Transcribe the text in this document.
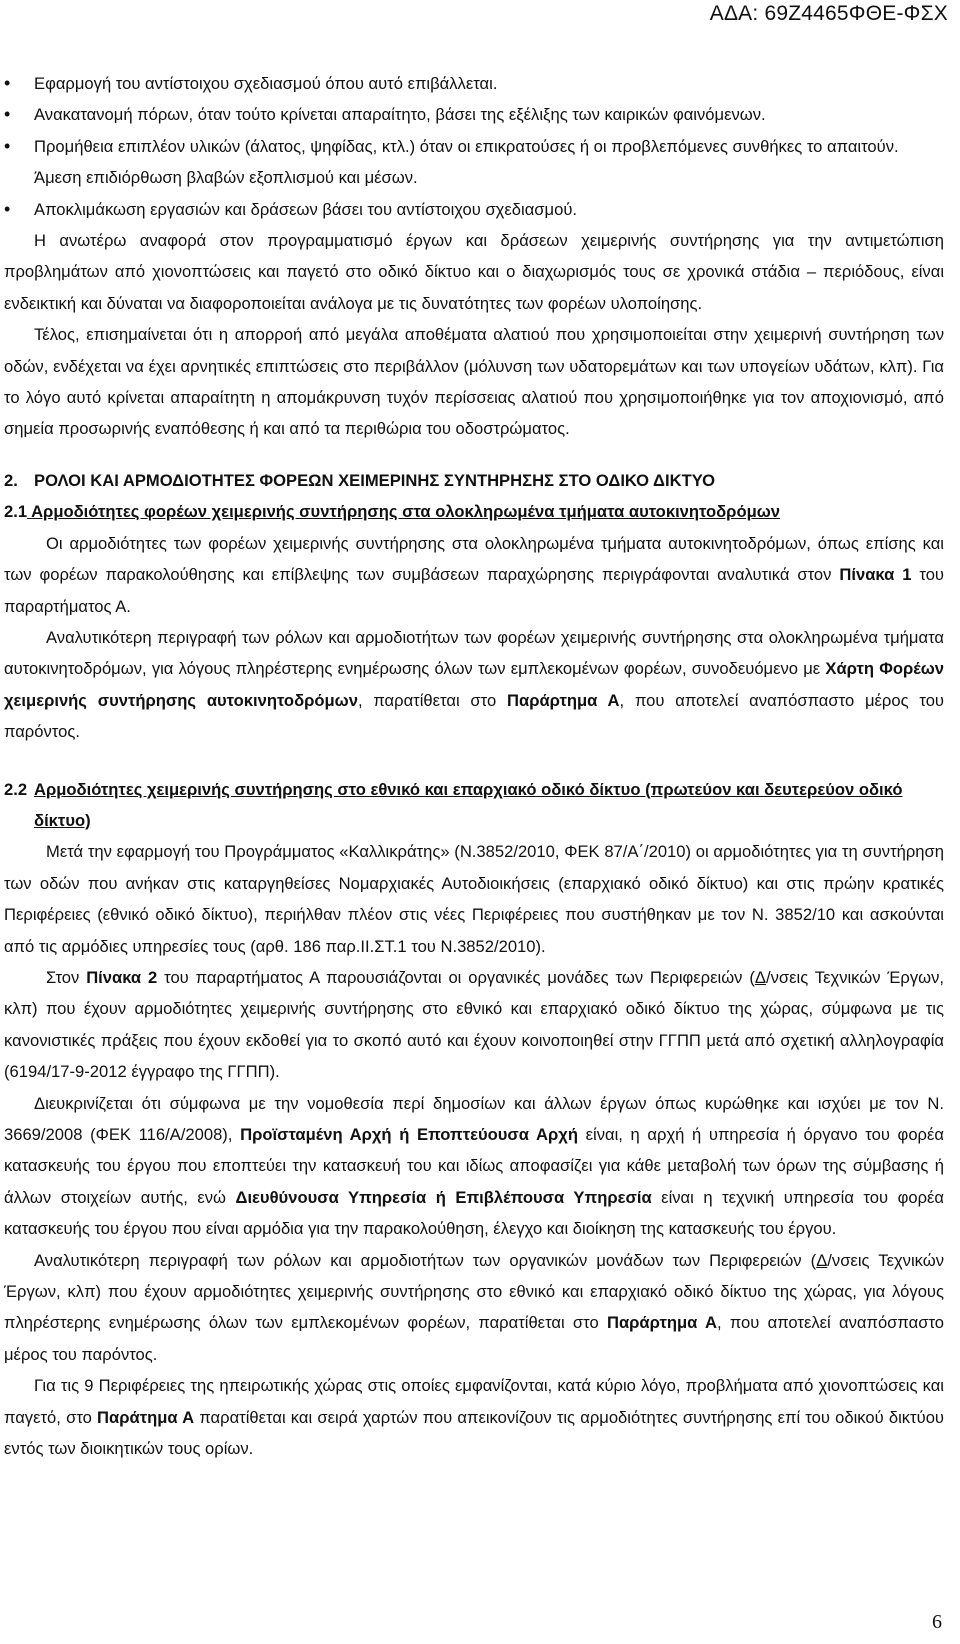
ΑΔΑ: 69Ζ4465ΦΘΕ-ΦΣΧ
• Εφαρμογή του αντίστοιχου σχεδιασμού όπου αυτό επιβάλλεται.
• Ανακατανομή πόρων, όταν τούτο κρίνεται απαραίτητο, βάσει της εξέλιξης των καιρικών φαινόμενων.
• Προμήθεια επιπλέον υλικών (άλατος, ψηφίδας, κτλ.) όταν οι επικρατούσες ή οι προβλεπόμενες συνθήκες το απαιτούν. Άμεση επιδιόρθωση βλαβών εξοπλισμού και μέσων.
• Αποκλιμάκωση εργασιών και δράσεων βάσει του αντίστοιχου σχεδιασμού.

Η ανωτέρω αναφορά στον προγραμματισμό έργων και δράσεων χειμερινής συντήρησης για την αντιμετώπιση προβλημάτων από χιονοπτώσεις και παγετό στο οδικό δίκτυο και ο διαχωρισμός τους σε χρονικά στάδια – περιόδους, είναι ενδεικτική και δύναται να διαφοροποιείται ανάλογα με τις δυνατότητες των φορέων υλοποίησης.

Τέλος, επισημαίνεται ότι η απορροή από μεγάλα αποθέματα αλατιού που χρησιμοποιείται στην χειμερινή συντήρηση των οδών, ενδέχεται να έχει αρνητικές επιπτώσεις στο περιβάλλον (μόλυνση των υδατορεμάτων και των υπογείων υδάτων, κλπ). Για το λόγο αυτό κρίνεται απαραίτητη η απομάκρυνση τυχόν περίσσειας αλατιού που χρησιμοποιήθηκε για τον αποχιονισμό, από σημεία προσωρινής εναπόθεσης ή και από τα περιθώρια του οδοστρώματος.

2. ΡΟΛΟΙ ΚΑΙ ΑΡΜΟΔΙΟΤΗΤΕΣ ΦΟΡΕΩΝ ΧΕΙΜΕΡΙΝΗΣ ΣΥΝΤΗΡΗΣΗΣ ΣΤΟ ΟΔΙΚΟ ΔΙΚΤΥΟ
2.1 Αρμοδιότητες φορέων χειμερινής συντήρησης στα ολοκληρωμένα τμήματα αυτοκινητοδρόμων

Οι αρμοδιότητες των φορέων χειμερινής συντήρησης στα ολοκληρωμένα τμήματα αυτοκινητοδρόμων, όπως επίσης και των φορέων παρακολούθησης και επίβλεψης των συμβάσεων παραχώρησης περιγράφονται αναλυτικά στον Πίνακα 1 του παραρτήματος Α.

Αναλυτικότερη περιγραφή των ρόλων και αρμοδιοτήτων των φορέων χειμερινής συντήρησης στα ολοκληρωμένα τμήματα αυτοκινητοδρόμων, για λόγους πληρέστερης ενημέρωσης όλων των εμπλεκομένων φορέων, συνοδευόμενο με Χάρτη Φορέων χειμερινής συντήρησης αυτοκινητοδρόμων, παρατίθεται στο Παράρτημα Α, που αποτελεί αναπόσπαστο μέρος του παρόντος.

2.2 Αρμοδιότητες χειμερινής συντήρησης στο εθνικό και επαρχιακό οδικό δίκτυο (πρωτεύον και δευτερεύον οδικό δίκτυο)

Μετά την εφαρμογή του Προγράμματος «Καλλικράτης» (Ν.3852/2010, ΦΕΚ 87/Α΄/2010) οι αρμοδιότητες για τη συντήρηση των οδών που ανήκαν στις καταργηθείσες Νομαρχιακές Αυτοδιοικήσεις (επαρχιακό οδικό δίκτυο) και στις πρώην κρατικές Περιφέρειες (εθνικό οδικό δίκτυο), περιήλθαν πλέον στις νέες Περιφέρειες που συστήθηκαν με τον Ν. 3852/10 και ασκούνται από τις αρμόδιες υπηρεσίες τους (αρθ. 186 παρ.ΙΙ.ΣΤ.1 του Ν.3852/2010).

Στον Πίνακα 2 του παραρτήματος Α παρουσιάζονται οι οργανικές μονάδες των Περιφερειών (Δ/νσεις Τεχνικών Έργων, κλπ) που έχουν αρμοδιότητες χειμερινής συντήρησης στο εθνικό και επαρχιακό οδικό δίκτυο της χώρας, σύμφωνα με τις κανονιστικές πράξεις που έχουν εκδοθεί για το σκοπό αυτό και έχουν κοινοποιηθεί στην ΓΓΠΠ μετά από σχετική αλληλογραφία (6194/17-9-2012 έγγραφο της ΓΓΠΠ).

Διευκρινίζεται ότι σύμφωνα με την νομοθεσία περί δημοσίων και άλλων έργων όπως κυρώθηκε και ισχύει με τον Ν. 3669/2008 (ΦΕΚ 116/Α/2008), Προϊσταμένη Αρχή ή Εποπτεύουσα Αρχή είναι, η αρχή ή υπηρεσία ή όργανο του φορέα κατασκευής του έργου που εποπτεύει την κατασκευή του και ιδίως αποφασίζει για κάθε μεταβολή των όρων της σύμβασης ή άλλων στοιχείων αυτής, ενώ Διευθύνουσα Υπηρεσία ή Επιβλέπουσα Υπηρεσία είναι η τεχνική υπηρεσία του φορέα κατασκευής του έργου που είναι αρμόδια για την παρακολούθηση, έλεγχο και διοίκηση της κατασκευής του έργου.

Αναλυτικότερη περιγραφή των ρόλων και αρμοδιοτήτων των οργανικών μονάδων των Περιφερειών (Δ/νσεις Τεχνικών Έργων, κλπ) που έχουν αρμοδιότητες χειμερινής συντήρησης στο εθνικό και επαρχιακό οδικό δίκτυο της χώρας, για λόγους πληρέστερης ενημέρωσης όλων των εμπλεκομένων φορέων, παρατίθεται στο Παράρτημα Α, που αποτελεί αναπόσπαστο μέρος του παρόντος.

Για τις 9 Περιφέρειες της ηπειρωτικής χώρας στις οποίες εμφανίζονται, κατά κύριο λόγο, προβλήματα από χιονοπτώσεις και παγετό, στο Παράτημα Α παρατίθεται και σειρά χαρτών που απεικονίζουν τις αρμοδιότητες συντήρησης επί του οδικού δικτύου εντός των διοικητικών τους ορίων.

6
